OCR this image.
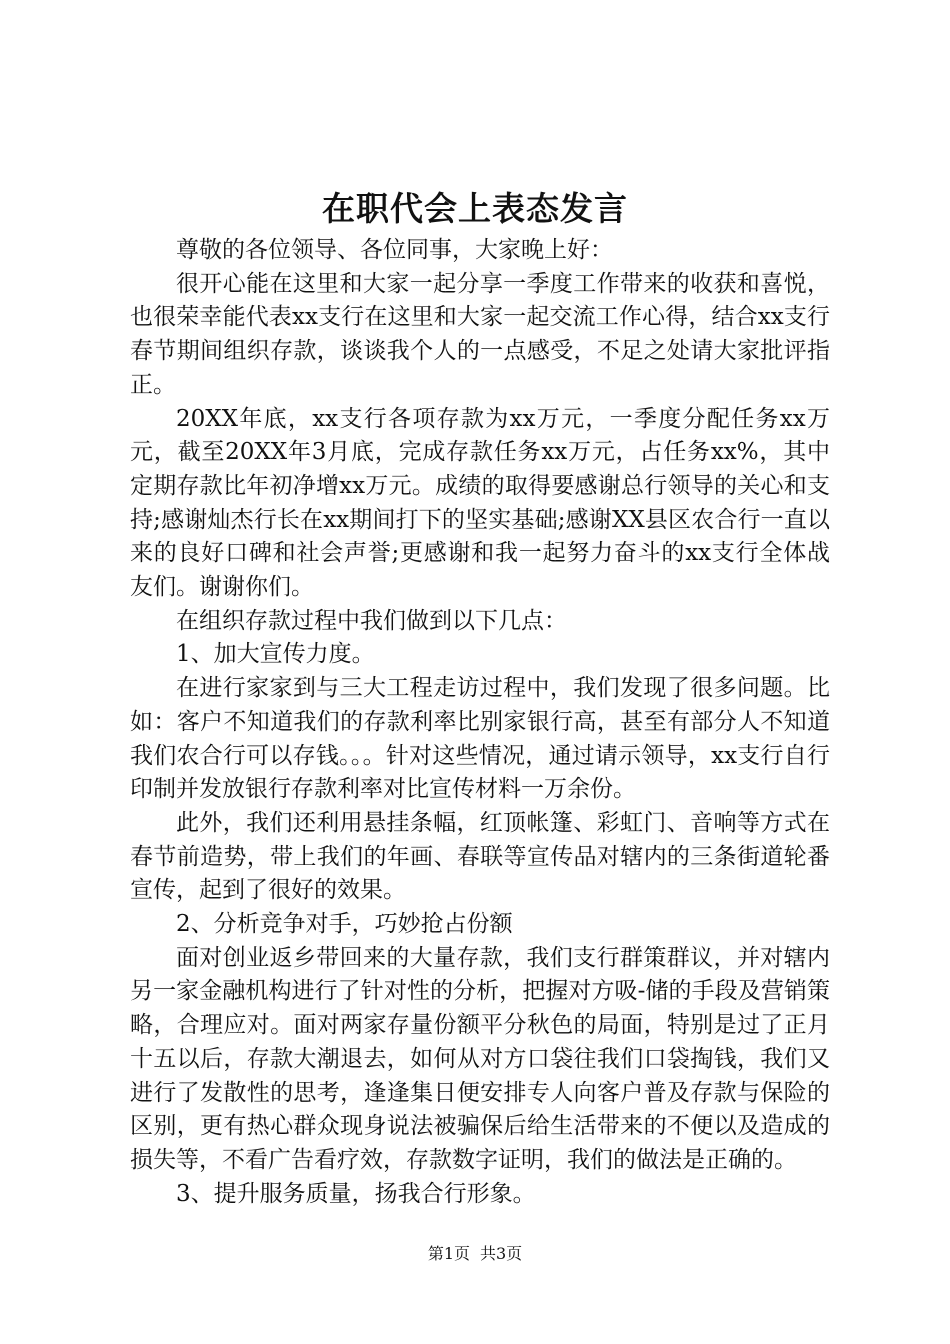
在职代会上表态发言

尊敬的各位领导、各位同事，大家晚上好：

很开心能在这里和大家一起分享一季度工作带来的收获和喜悦，也很荣幸能代表xx支行在这里和大家一起交流工作心得，结合xx支行春节期间组织存款，谈谈我个人的一点感受，不足之处请大家批评指正。

20XX年底，xx支行各项存款为xx万元，一季度分配任务xx万元，截至20XX年3月底，完成存款任务xx万元，占任务xx%，其中定期存款比年初净增xx万元。成绩的取得要感谢总行领导的关心和支持;感谢灿杰行长在xx期间打下的坚实基础;感谢XX县区农合行一直以来的良好口碑和社会声誉;更感谢和我一起努力奋斗的xx支行全体战友们。谢谢你们。

在组织存款过程中我们做到以下几点：

1、加大宣传力度。

在进行家家到与三大工程走访过程中，我们发现了很多问题。比如：客户不知道我们的存款利率比别家银行高，甚至有部分人不知道我们农合行可以存钱。。。针对这些情况，通过请示领导，xx支行自行印制并发放银行存款利率对比宣传材料一万余份。

此外，我们还利用悬挂条幅，红顶帐篷、彩虹门、音响等方式在春节前造势，带上我们的年画、春联等宣传品对辖内的三条街道轮番宣传，起到了很好的效果。

2、分析竞争对手，巧妙抢占份额

面对创业返乡带回来的大量存款，我们支行群策群议，并对辖内另一家金融机构进行了针对性的分析，把握对方吸-储的手段及营销策略，合理应对。面对两家存量份额平分秋色的局面，特别是过了正月十五以后，存款大潮退去，如何从对方口袋往我们口袋掏钱，我们又进行了发散性的思考，逢逢集日便安排专人向客户普及存款与保险的区别，更有热心群众现身说法被骗保后给生活带来的不便以及造成的损失等，不看广告看疗效，存款数字证明，我们的做法是正确的。

3、提升服务质量，扬我合行形象。

第1页 共3页
